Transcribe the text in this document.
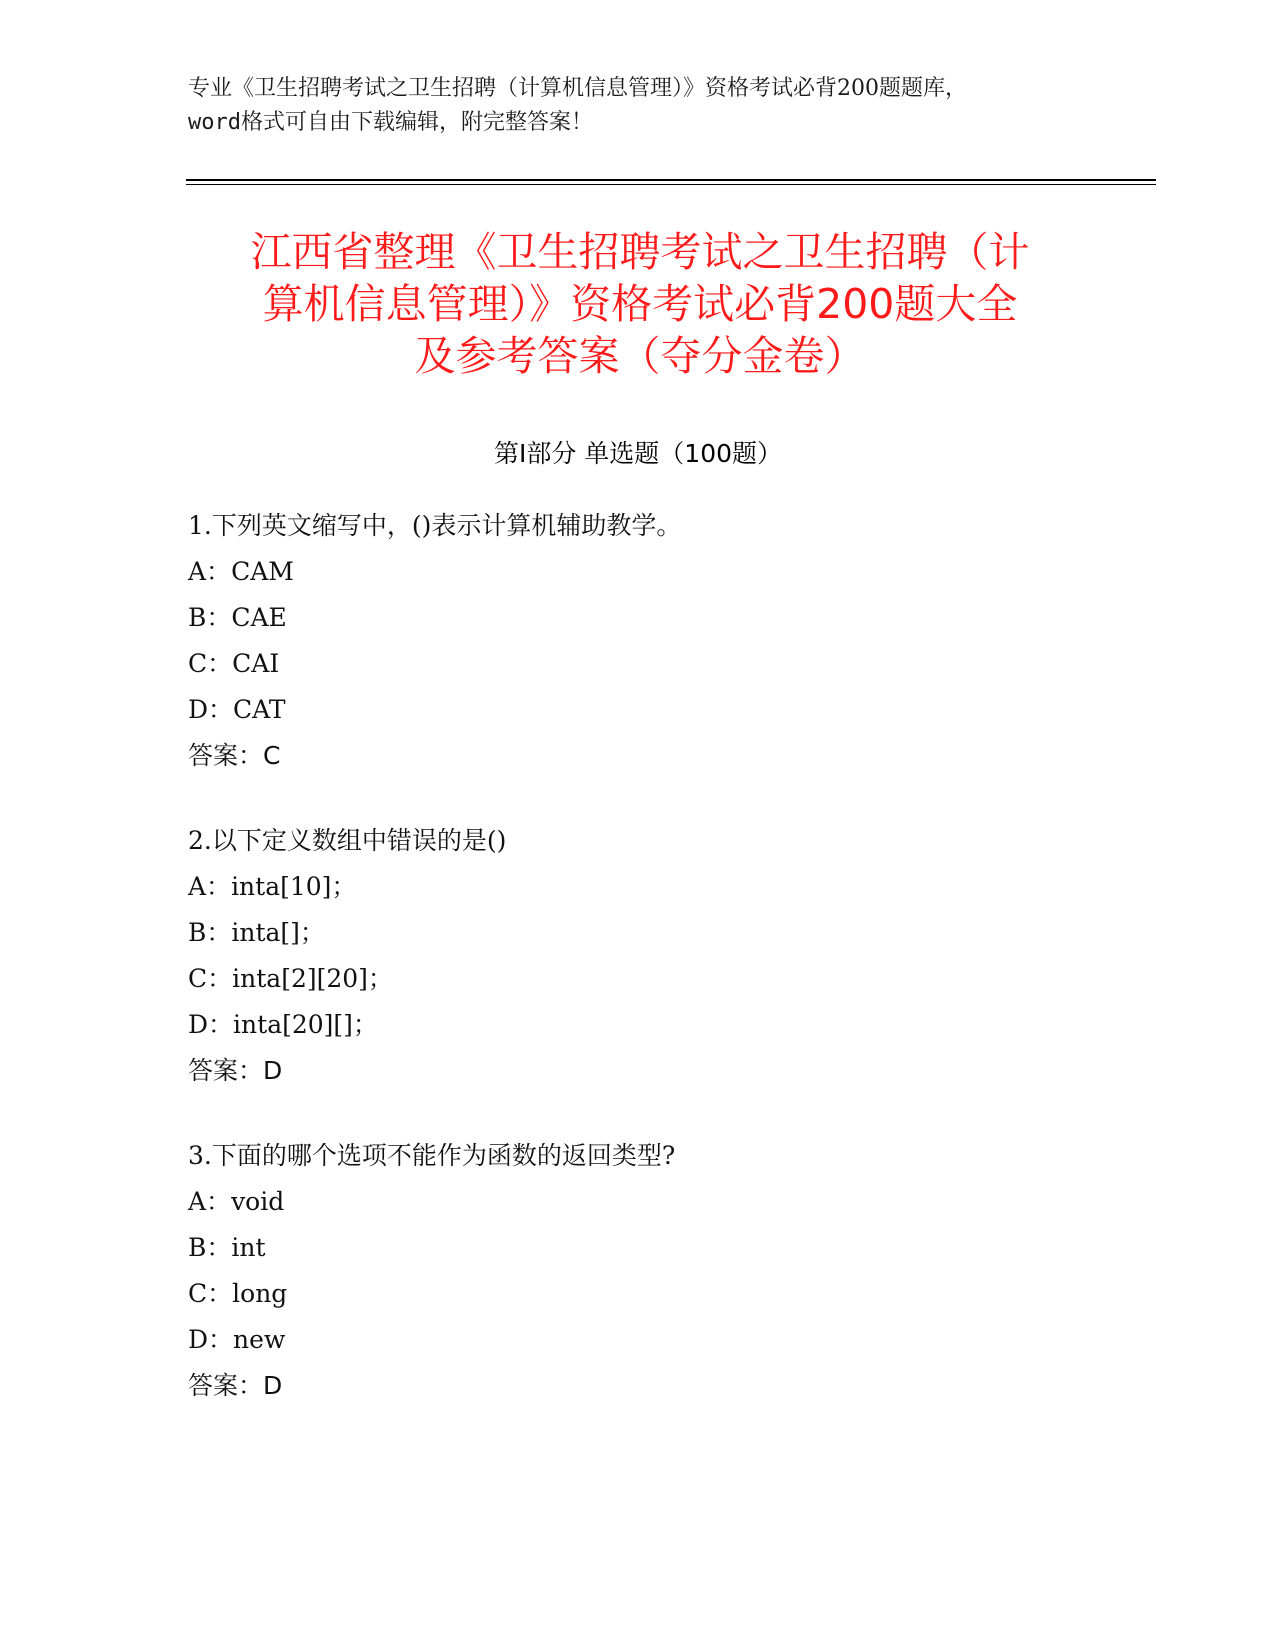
专业《卫生招聘考试之卫生招聘（计算机信息管理）》资格考试必背200题题库，
word格式可自由下载编辑，附完整答案！
江西省整理《卫生招聘考试之卫生招聘（计
算机信息管理）》资格考试必背200题大全
及参考答案（夺分金卷）
第Ⅰ部分 单选题（100题）
1.下列英文缩写中，()表示计算机辅助教学。
A：CAM
B：CAE
C：CAI
D：CAT
答案：C
2.以下定义数组中错误的是()
A：inta[10]；
B：inta[]；
C：inta[2][20]；
D：inta[20][]；
答案：D
3.下面的哪个选项不能作为函数的返回类型?
A：void
B：int
C：long
D：new
答案：D
